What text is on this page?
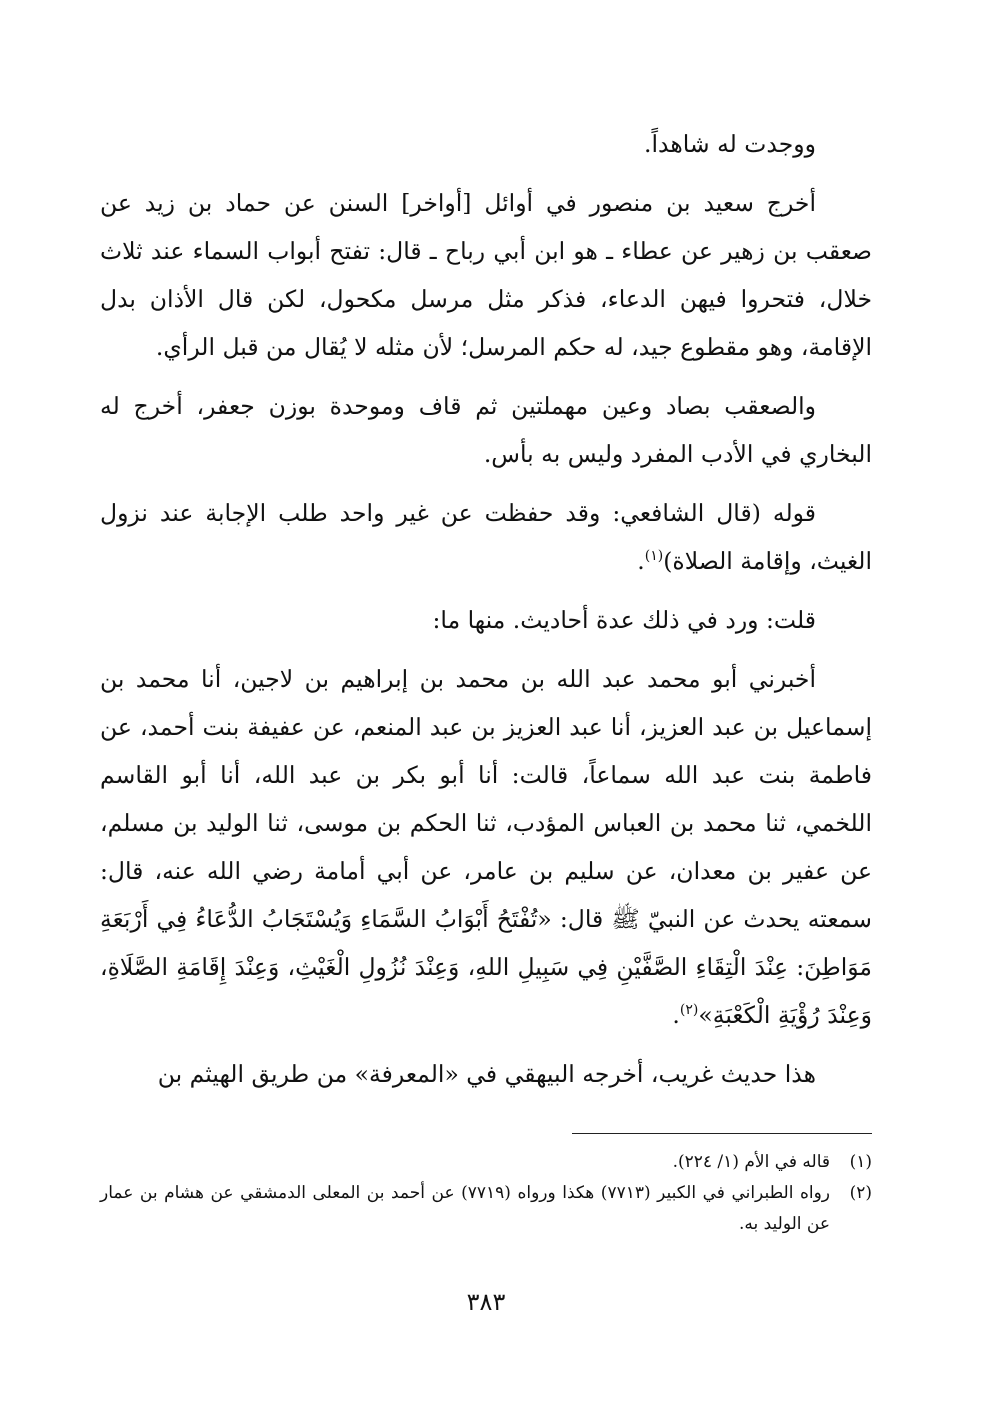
ووجدت له شاهداً.

أخرج سعيد بن منصور في أوائل [أواخر] السنن عن حماد بن زيد عن صعقب بن زهير عن عطاء ـ هو ابن أبي رباح ـ قال: تفتح أبواب السماء عند ثلاث خلال، فتحروا فيهن الدعاء، فذكر مثل مرسل مكحول، لكن قال الأذان بدل الإقامة، وهو مقطوع جيد، له حكم المرسل؛ لأن مثله لا يُقال من قبل الرأي.

والصعقب بصاد وعين مهملتين ثم قاف وموحدة بوزن جعفر، أخرج له البخاري في الأدب المفرد وليس به بأس.

قوله (قال الشافعي: وقد حفظت عن غير واحد طلب الإجابة عند نزول الغيث، وإقامة الصلاة)$^{(١)}$.

قلت: ورد في ذلك عدة أحاديث. منها ما:

أخبرني أبو محمد عبد الله بن محمد بن إبراهيم بن لاجين، أنا محمد بن إسماعيل بن عبد العزيز، أنا عبد العزيز بن عبد المنعم، عن عفيفة بنت أحمد، عن فاطمة بنت عبد الله سماعاً، قالت: أنا أبو بكر بن عبد الله، أنا أبو القاسم اللخمي، ثنا محمد بن العباس المؤدب، ثنا الحكم بن موسى، ثنا الوليد بن مسلم، عن عفير بن معدان، عن سليم بن عامر، عن أبي أمامة رضي الله عنه، قال: سمعته يحدث عن النبيّ ﷺ قال: «تُفْتَحُ أَبْوَابُ السَّمَاءِ وَيُسْتَجَابُ الدُّعَاءُ فِي أَرْبَعَةِ مَوَاطِنَ: عِنْدَ الْتِقَاءِ الصَّفَّيْنِ فِي سَبِيلِ اللهِ، وَعِنْدَ نُزُولِ الْغَيْثِ، وَعِنْدَ إِقَامَةِ الصَّلَاةِ، وَعِنْدَ رُؤْيَةِ الْكَعْبَةِ»$^{(٢)}$.

هذا حديث غريب، أخرجه البيهقي في «المعرفة» من طريق الهيثم بن

(١)
قاله في الأم (١/ ٢٢٤).

(٢)
رواه الطبراني في الكبير (٧٧١٣) هكذا ورواه (٧٧١٩) عن أحمد بن المعلى الدمشقي عن هشام بن عمار عن الوليد به.

٣٨٣
